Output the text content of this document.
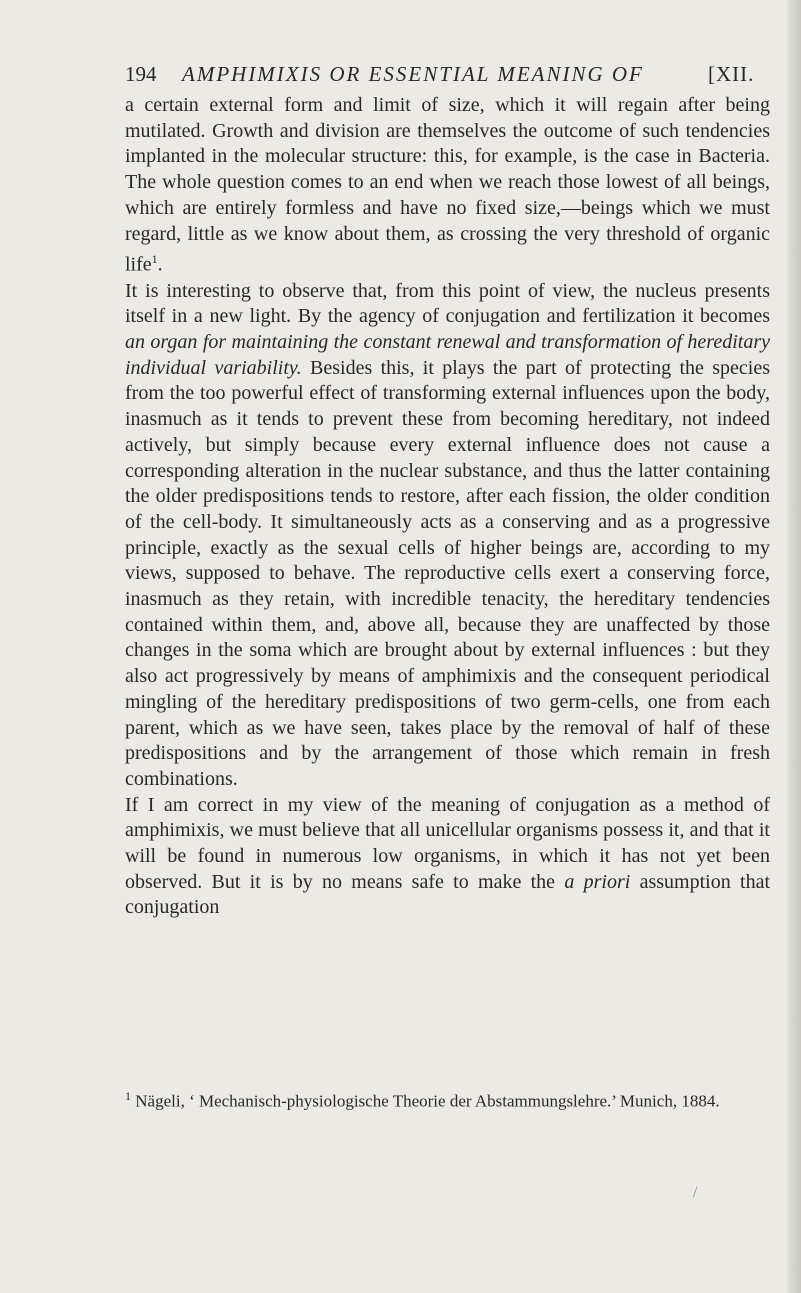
194 AMPHIMIXIS OR ESSENTIAL MEANING OF	[XII.

a certain external form and limit of size, which it will regain after being mutilated. Growth and division are themselves the outcome of such tendencies implanted in the molecular structure: this, for example, is the case in Bacteria. The whole question comes to an end when we reach those lowest of all beings, which are entirely formless and have no fixed size,—beings which we must regard, little as we know about them, as crossing the very threshold of organic life$^1$.

It is interesting to observe that, from this point of view, the nucleus presents itself in a new light. By the agency of conjugation and fertilization it becomes an organ for maintaining the constant renewal and transformation of hereditary individual variability. Besides this, it plays the part of protecting the species from the too powerful effect of transforming external influences upon the body, inasmuch as it tends to prevent these from becoming hereditary, not indeed actively, but simply because every external influence does not cause a corresponding alteration in the nuclear substance, and thus the latter containing the older predispositions tends to restore, after each fission, the older condition of the cell-body. It simultaneously acts as a conserving and as a progressive principle, exactly as the sexual cells of higher beings are, according to my views, supposed to behave. The reproductive cells exert a conserving force, inasmuch as they retain, with incredible tenacity, the hereditary tendencies contained within them, and, above all, because they are unaffected by those changes in the soma which are brought about by external influences : but they also act progressively by means of amphimixis and the consequent periodical mingling of the hereditary predispositions of two germ-cells, one from each parent, which as we have seen, takes place by the removal of half of these predispositions and by the arrangement of those which remain in fresh combinations.

If I am correct in my view of the meaning of conjugation as a method of amphimixis, we must believe that all unicellular organisms possess it, and that it will be found in numerous low organisms, in which it has not yet been observed. But it is by no means safe to make the a priori assumption that conjugation

$^1$ Nägeli, ‘ Mechanisch-physiologische Theorie der Abstammungslehre.’ Munich, 1884.
/
